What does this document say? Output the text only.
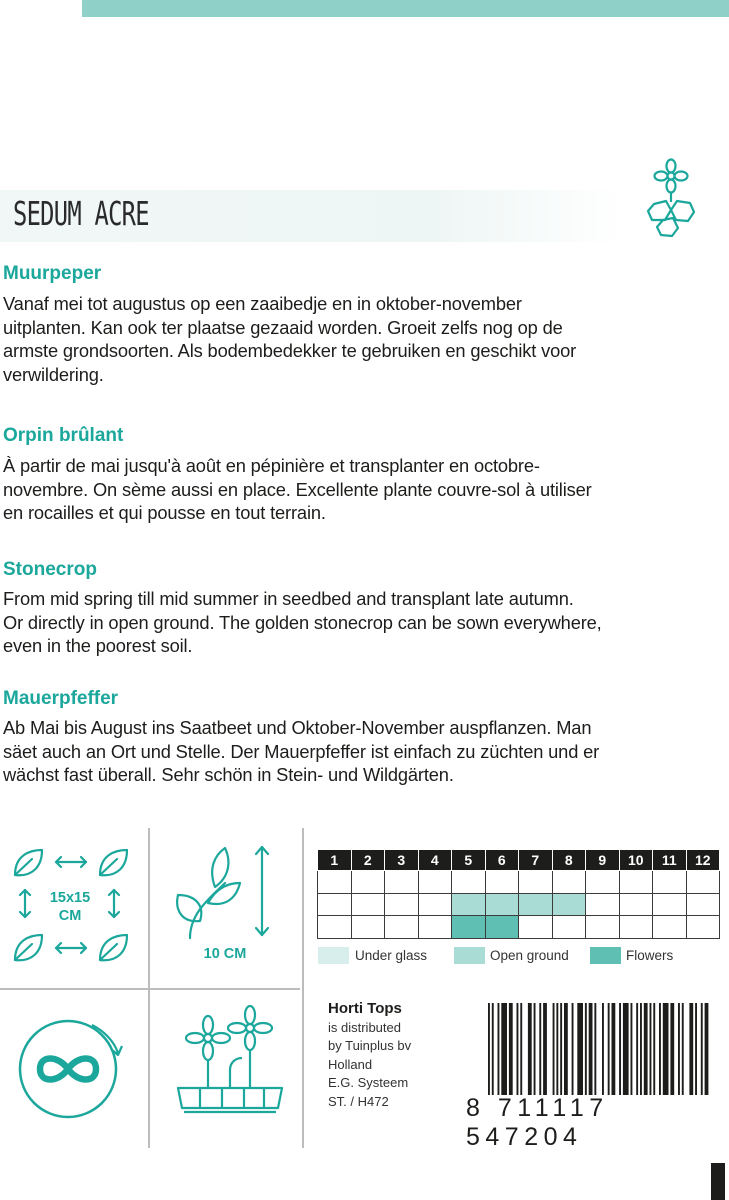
SEDUM ACRE
Muurpeper
Vanaf mei tot augustus op een zaaibedje en in oktober-november
uitplanten. Kan ook ter plaatse gezaaid worden. Groeit zelfs nog op de
armste grondsoorten. Als bodembedekker te gebruiken en geschikt voor
verwildering.
Orpin brûlant
À partir de mai jusqu'à août en pépinière et transplanter en octobre-
novembre. On sème aussi en place. Excellente plante couvre-sol à utiliser
en rocailles et qui pousse en tout terrain.
Stonecrop
From mid spring till mid summer in seedbed and transplant late autumn.
Or directly in open ground. The golden stonecrop can be sown everywhere,
even in the poorest soil.
Mauerpfeffer
Ab Mai bis August ins Saatbeet und Oktober-November auspflanzen. Man
säet auch an Ort und Stelle. Der Mauerpfeffer ist einfach zu züchten und er
wächst fast überall. Sehr schön in Stein- und Wildgärten.
15x15
CM
10 CM
1	2	3	4	5	6	7	8	9	10	11	12

Under glass	Open ground	Flowers
Horti Tops
is distributed
by Tuinplus bv
Holland
E.G. Systeem
ST. / H472	8 711117 547204
